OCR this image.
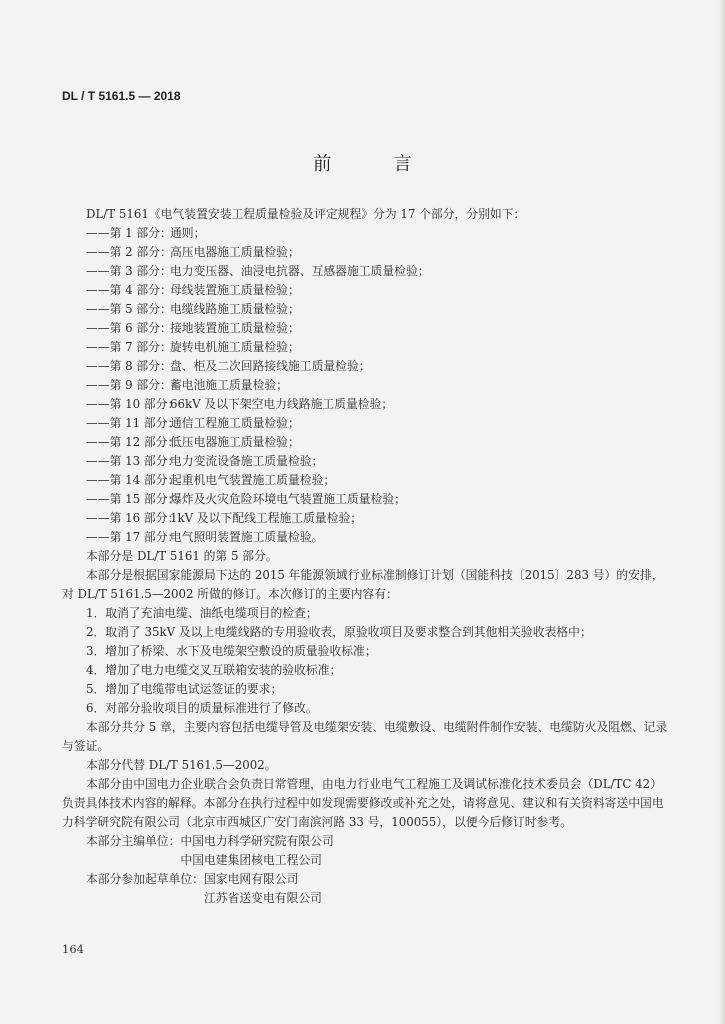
DL / T 5161.5 — 2018
前 言

DL/T 5161《电气装置安装工程质量检验及评定规程》分为 17 个部分，分别如下：

——第 1 部分：通则；
——第 2 部分：高压电器施工质量检验；
——第 3 部分：电力变压器、油浸电抗器、互感器施工质量检验；
——第 4 部分：母线装置施工质量检验；
——第 5 部分：电缆线路施工质量检验；
——第 6 部分：接地装置施工质量检验；
——第 7 部分：旋转电机施工质量检验；
——第 8 部分：盘、柜及二次回路接线施工质量检验；
——第 9 部分：蓄电池施工质量检验；
——第 10 部分：66kV 及以下架空电力线路施工质量检验；
——第 11 部分：通信工程施工质量检验；
——第 12 部分：低压电器施工质量检验；
——第 13 部分：电力变流设备施工质量检验；
——第 14 部分：起重机电气装置施工质量检验；
——第 15 部分：爆炸及火灾危险环境电气装置施工质量检验；
——第 16 部分：1kV 及以下配线工程施工质量检验；
——第 17 部分：电气照明装置施工质量检验。

本部分是 DL/T 5161 的第 5 部分。

本部分是根据国家能源局下达的 2015 年能源领域行业标准制修订计划（国能科技〔2015〕283 号）的安排，对 DL/T 5161.5—2002 所做的修订。本次修订的主要内容有：

1．取消了充油电缆、油纸电缆项目的检查；
2．取消了 35kV 及以上电缆线路的专用验收表，原验收项目及要求整合到其他相关验收表格中；
3．增加了桥梁、水下及电缆架空敷设的质量验收标准；
4．增加了电力电缆交叉互联箱安装的验收标准；
5．增加了电缆带电试运签证的要求；
6．对部分验收项目的质量标准进行了修改。

本部分共分 5 章，主要内容包括电缆导管及电缆架安装、电缆敷设、电缆附件制作安装、电缆防火及阻燃、记录与签证。

本部分代替 DL/T 5161.5—2002。

本部分由中国电力企业联合会负责日常管理，由电力行业电气工程施工及调试标准化技术委员会（DL/TC 42）负责具体技术内容的解释。本部分在执行过程中如发现需要修改或补充之处，请将意见、建议和有关资料寄送中国电力科学研究院有限公司（北京市西城区广安门南滨河路 33 号，100055），以便今后修订时参考。

本部分主编单位： 中国电力科学研究院有限公司
中国电建集团核电工程公司
本部分参加起草单位： 国家电网有限公司
江苏省送变电有限公司
164
